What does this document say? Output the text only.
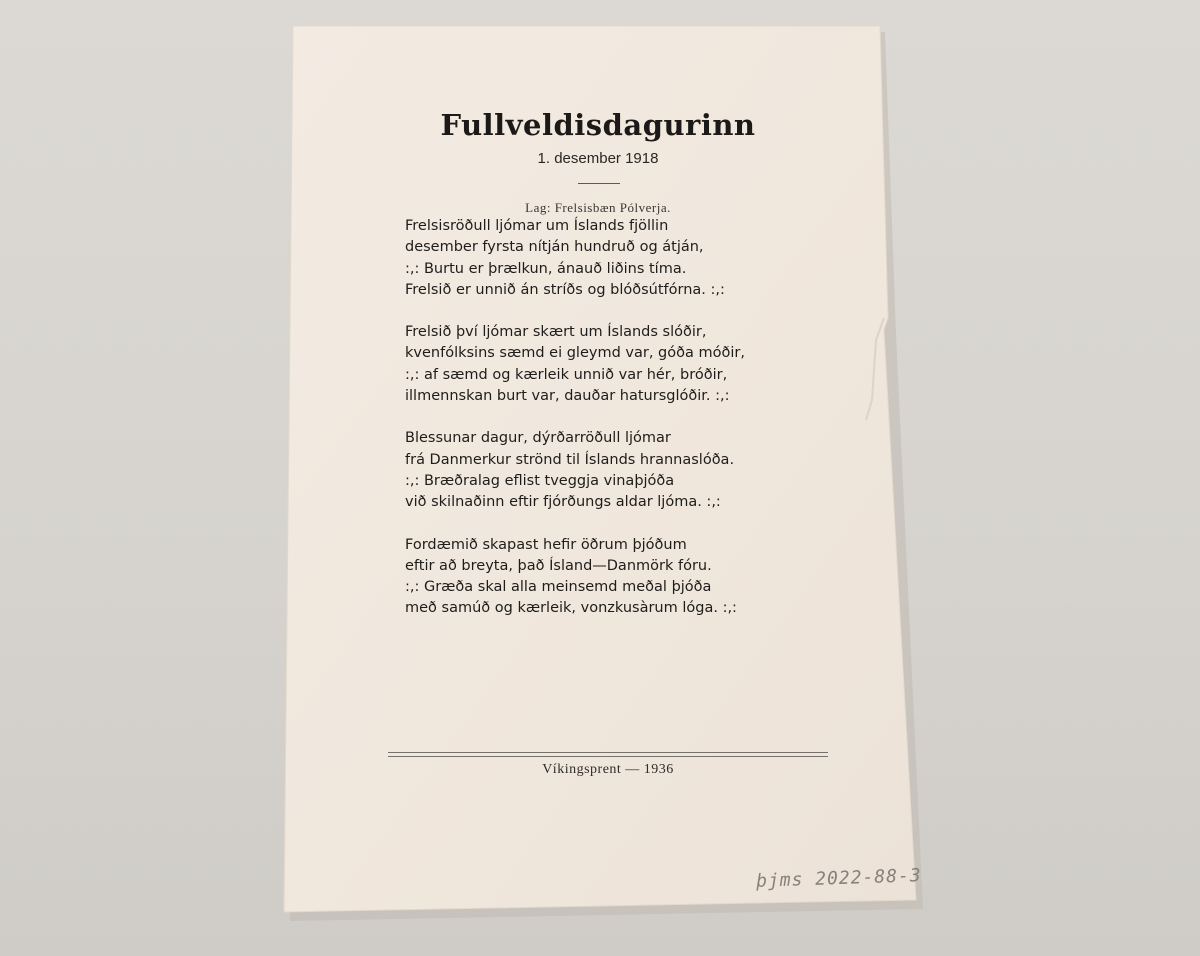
Fullveldisdagurinn
1. desember 1918
Lag: Frelsisbæn Pólverja.
Frelsisröðull ljómar um Íslands fjöllin
desember fyrsta nítján hundruð og átján,
:,: Burtu er þrælkun, ánauð liðins tíma.
Frelsið er unnið án stríðs og blóðsútfórna. :,:
Frelsið því ljómar skært um Íslands slóðir,
kvenfólksins sæmd ei gleymd var, góða móðir,
:,: af sæmd og kærleik unnið var hér, bróðir,
illmennskan burt var, dauðar hatursglóðir. :,:
Blessunar dagur, dýrðarröðull ljómar
frá Danmerkur strönd til Íslands hrannaslóða.
:,: Bræðralag eflist tveggja vinaþjóða
við skilnaðinn eftir fjórðungs aldar ljóma. :,:
Fordæmið skapast hefir öðrum þjóðum
eftir að breyta, það Ísland—Danmörk fóru.
:,: Græða skal alla meinsemd meðal þjóða
með samúð og kærleik, vonzkusàrum lóga. :,:
Víkingsprent — 1936
þjms 2022-88-3
